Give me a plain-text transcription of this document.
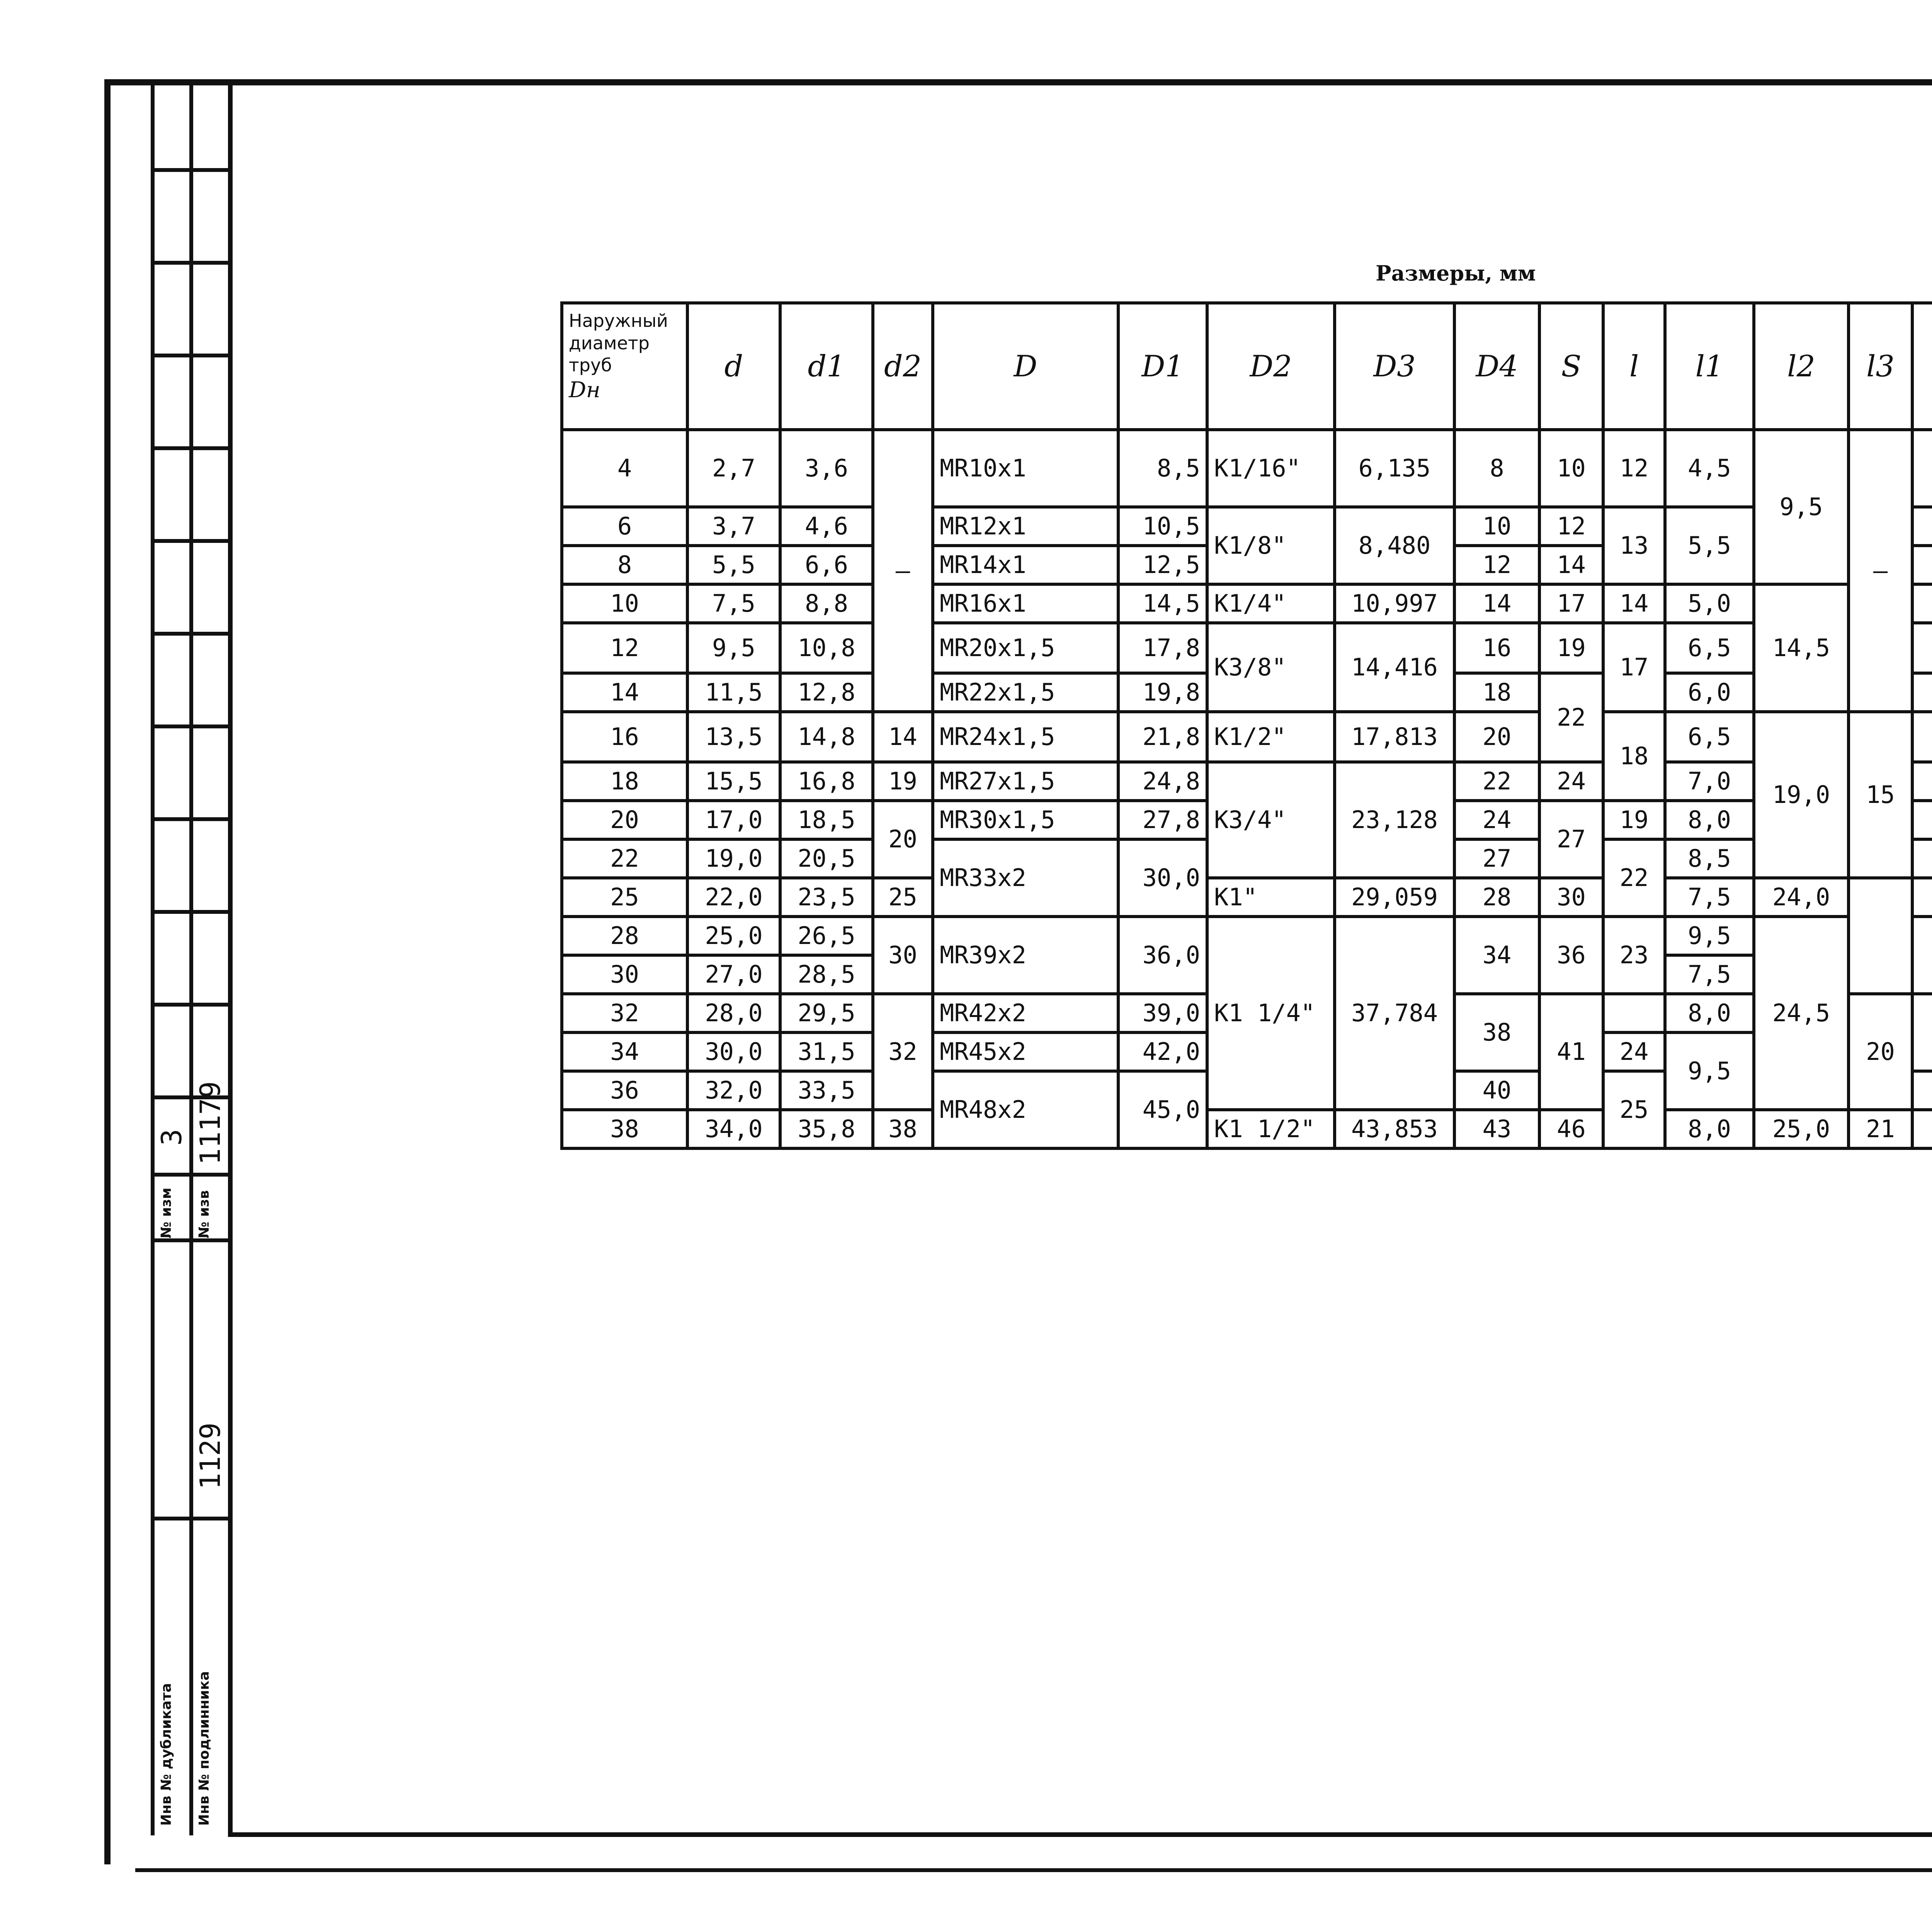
3 11179
№ изм № изв
1129
Инв № дубликата Инв № подлинника
Размеры, мм
Наружный диаметр труб
Dн	d	d1	d2	D	D1	D2	D3	D4	S	l	l1	l2	l3					
4	2,7	3,6	–	MR10x1	8,5	K1/16"	6,135	8	10	12	4,5	9,5	–					
6	3,7	4,6		MR12x1	10,5	K1/8"	8,480	10	12	13	5,5			
8	5,5	6,6		MR14x1	12,5			12	14				
10	7,5	8,8		MR16x1	14,5	K1/4"	10,997	14	17	14	5,0	14,5				
12	9,5	10,8		MR20x1,5	17,8	K3/8"	14,416	16	19	17	6,5				
14	11,5	12,8		MR22x1,5	19,8			18	22		6,0				
16	13,5	14,8	14	MR24x1,5	21,8	K1/2"	17,813	20		18	6,5	19,0	15				
18	15,5	16,8	19	MR27x1,5	24,8	K3/4"	23,128	22	24		7,0				
20	17,0	18,5	20	MR30x1,5	27,8			24	27	19	8,0				
22	19,0	20,5		MR33x2	30,0			27		22	8,5				
25	22,0	23,5	25			K1"	29,059	28	30		7,5	24,0					
28	25,0	26,5	30	MR39x2	36,0	K1 1/4"	37,784	34	36	23	9,5	24,5					
30	27,0	28,5									7,5			
32	28,0	29,5	32	MR42x2	39,0			38	41		8,0		20				
34	30,0	31,5		MR45x2	42,0					24	9,5	
36	32,0	33,5		MR48x2	45,0			40		25			
38	34,0	35,8	38			K1 1/2"	43,853	43	46		8,0	25,0	21			
